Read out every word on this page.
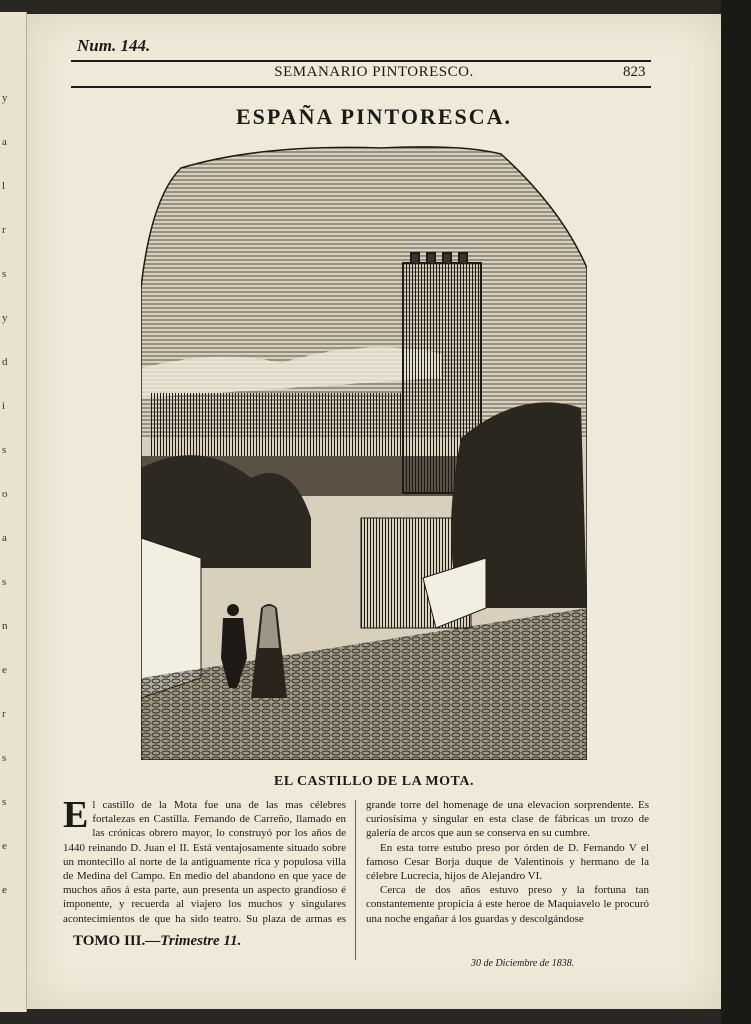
y
a
l
r
s
y
d
i
s
o
a
s
n
e
r
s
s
e
e
Num. 144.
SEMANARIO PINTORESCO.	823
ESPAÑA PINTORESCA.
EL CASTILLO DE LA MOTA.

El castillo de la Mota fue una de las mas célebres fortalezas en Castilla. Fernando de Carreño, llamado en las crónicas obrero mayor, lo construyó por los años de 1440 reinando D. Juan el II. Está ventajosamente situado sobre un montecillo al norte de la antiguamente rica y populosa villa de Medina del Campo. En medio del abandono en que yace de muchos años á esta parte, aun presenta un aspecto grandioso é imponente, y recuerda al viajero los muchos y singulares acontecimientos de que ha sido teatro. Su plaza de armas es

grande torre del homenage de una elevacion sorprendente. Es curiosísima y singular en esta clase de fábricas un trozo de galería de arcos que aun se conserva en su cumbre.

En esta torre estubo preso por órden de D. Fernando V el famoso Cesar Borja duque de Valentinois y hermano de la célebre Lucrecia, hijos de Alejandro VI.

Cerca de dos años estuvo preso y la fortuna tan constantemente propicia á este heroe de Maquiavelo le procuró una noche engañar á los guardas y descolgándose

TOMO III.—Trimestre 11.
30 de Diciembre de 1838.
